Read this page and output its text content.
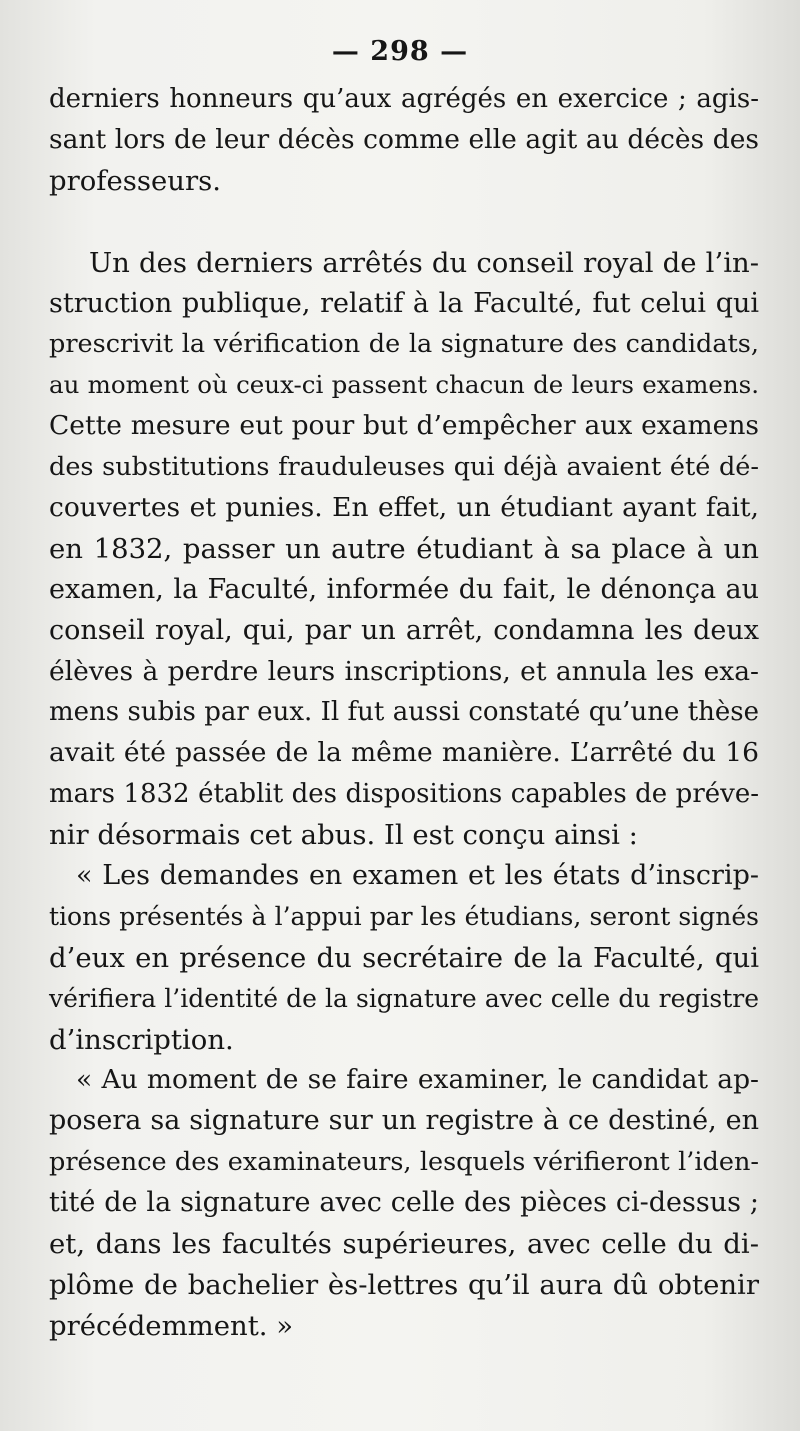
— 298 —
derniers honneurs qu’aux agrégés en exercice ; agis-
sant lors de leur décès comme elle agit au décès des
professeurs.
Un des derniers arrêtés du conseil royal de l’in-
struction publique, relatif à la Faculté, fut celui qui
prescrivit la vérification de la signature des candidats,
au moment où ceux-ci passent chacun de leurs examens.
Cette mesure eut pour but d’empêcher aux examens
des substitutions frauduleuses qui déjà avaient été dé-
couvertes et punies. En effet, un étudiant ayant fait,
en 1832, passer un autre étudiant à sa place à un
examen, la Faculté, informée du fait, le dénonça au
conseil royal, qui, par un arrêt, condamna les deux
élèves à perdre leurs inscriptions, et annula les exa-
mens subis par eux. Il fut aussi constaté qu’une thèse
avait été passée de la même manière. L’arrêté du 16
mars 1832 établit des dispositions capables de préve-
nir désormais cet abus. Il est conçu ainsi :
« Les demandes en examen et les états d’inscrip-
tions présentés à l’appui par les étudians, seront signés
d’eux en présence du secrétaire de la Faculté, qui
vérifiera l’identité de la signature avec celle du registre
d’inscription.
« Au moment de se faire examiner, le candidat ap-
posera sa signature sur un registre à ce destiné, en
présence des examinateurs, lesquels vérifieront l’iden-
tité de la signature avec celle des pièces ci-dessus ;
et, dans les facultés supérieures, avec celle du di-
plôme de bachelier ès-lettres qu’il aura dû obtenir
précédemment. »
